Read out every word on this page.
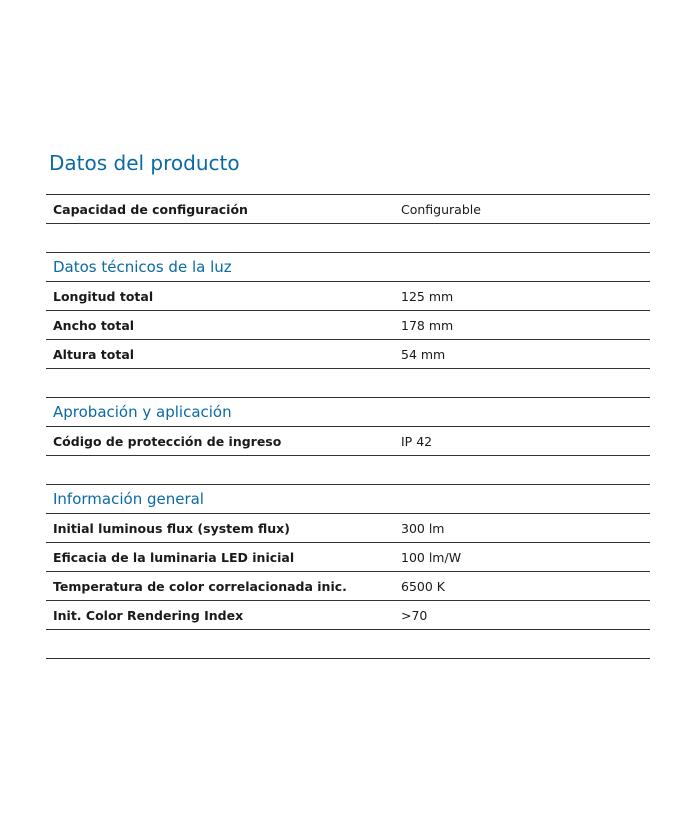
Datos del producto
Capacidad de configuración	Configurable
Datos técnicos de la luz
Longitud total	125 mm
Ancho total	178 mm
Altura total	54 mm
Aprobación y aplicación
Código de protección de ingreso	IP 42
Información general
Initial luminous flux (system flux)	300 lm
Eficacia de la luminaria LED inicial	100 lm/W
Temperatura de color correlacionada inic.	6500 K
Init. Color Rendering Index	>70
